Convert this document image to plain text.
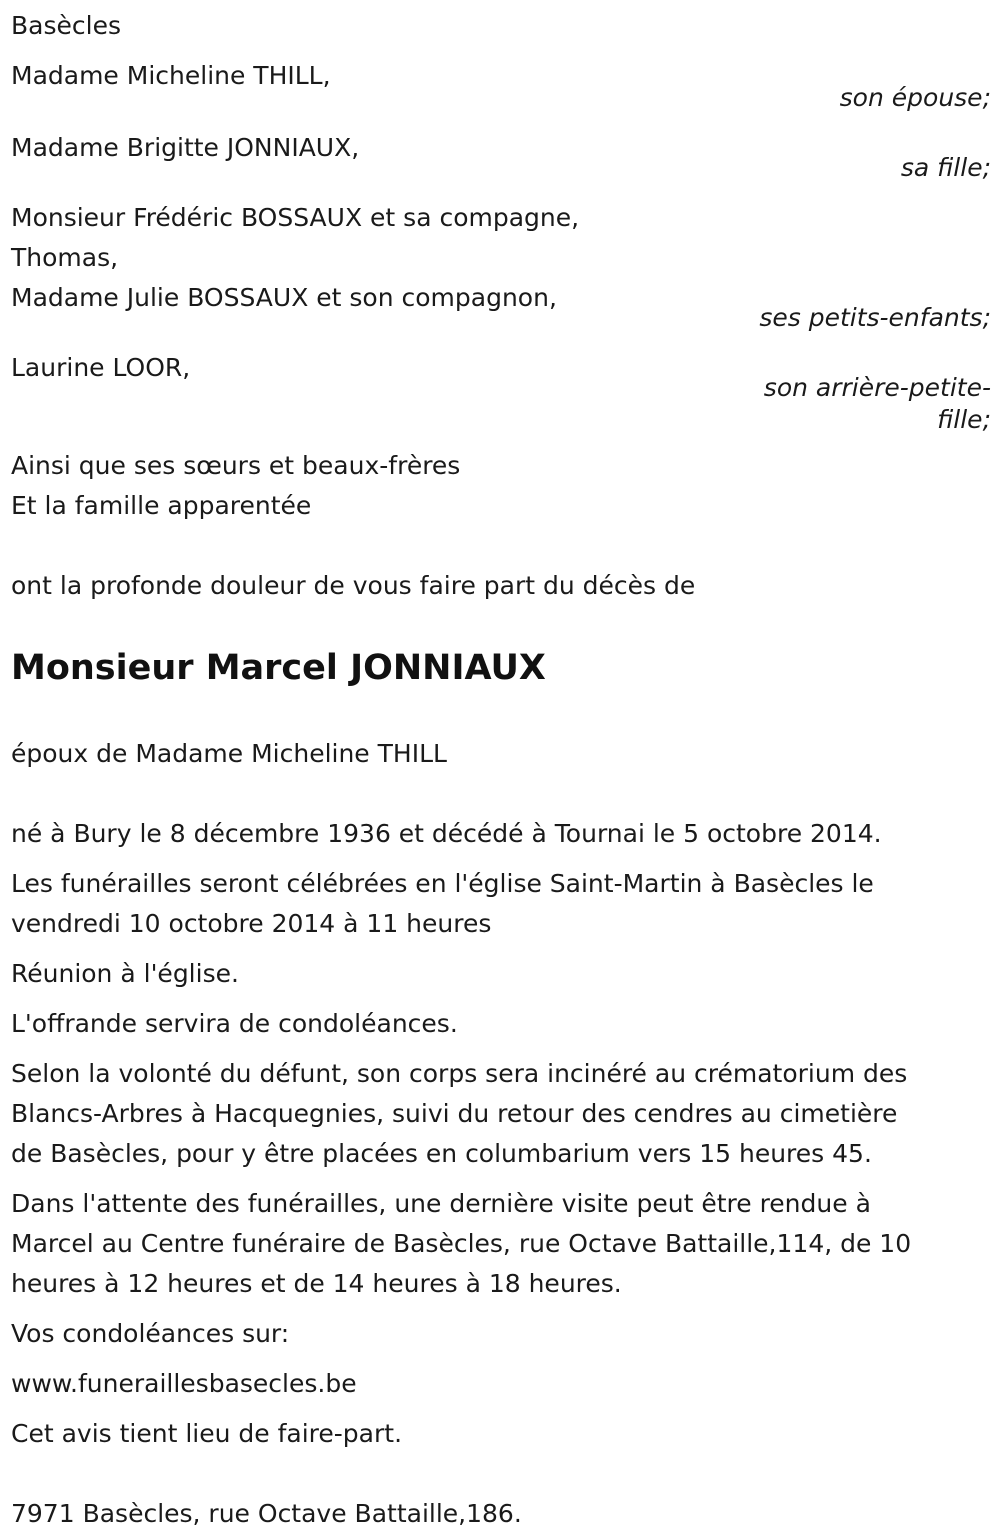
Basècles
Madame Micheline THILL,
son épouse;
Madame Brigitte JONNIAUX,
sa fille;
Monsieur Frédéric BOSSAUX et sa compagne,
Thomas,
Madame Julie BOSSAUX et son compagnon,
ses petits-enfants;
Laurine LOOR,
son arrière-petite-
fille;
Ainsi que ses sœurs et beaux-frères
Et la famille apparentée
ont la profonde douleur de vous faire part du décès de
Monsieur Marcel JONNIAUX
époux de Madame Micheline THILL
né à Bury le 8 décembre 1936 et décédé à Tournai le 5 octobre 2014.
Les funérailles seront célébrées en l'église Saint-Martin à Basècles le
vendredi 10 octobre 2014 à 11 heures
Réunion à l'église.
L'offrande servira de condoléances.
Selon la volonté du défunt, son corps sera incinéré au crématorium des
Blancs-Arbres à Hacquegnies, suivi du retour des cendres au cimetière
de Basècles, pour y être placées en columbarium vers 15 heures 45.
Dans l'attente des funérailles, une dernière visite peut être rendue à
Marcel au Centre funéraire de Basècles, rue Octave Battaille,114, de 10
heures à 12 heures et de 14 heures à 18 heures.
Vos condoléances sur:
www.funeraillesbasecles.be
Cet avis tient lieu de faire-part.
7971 Basècles, rue Octave Battaille,186.
